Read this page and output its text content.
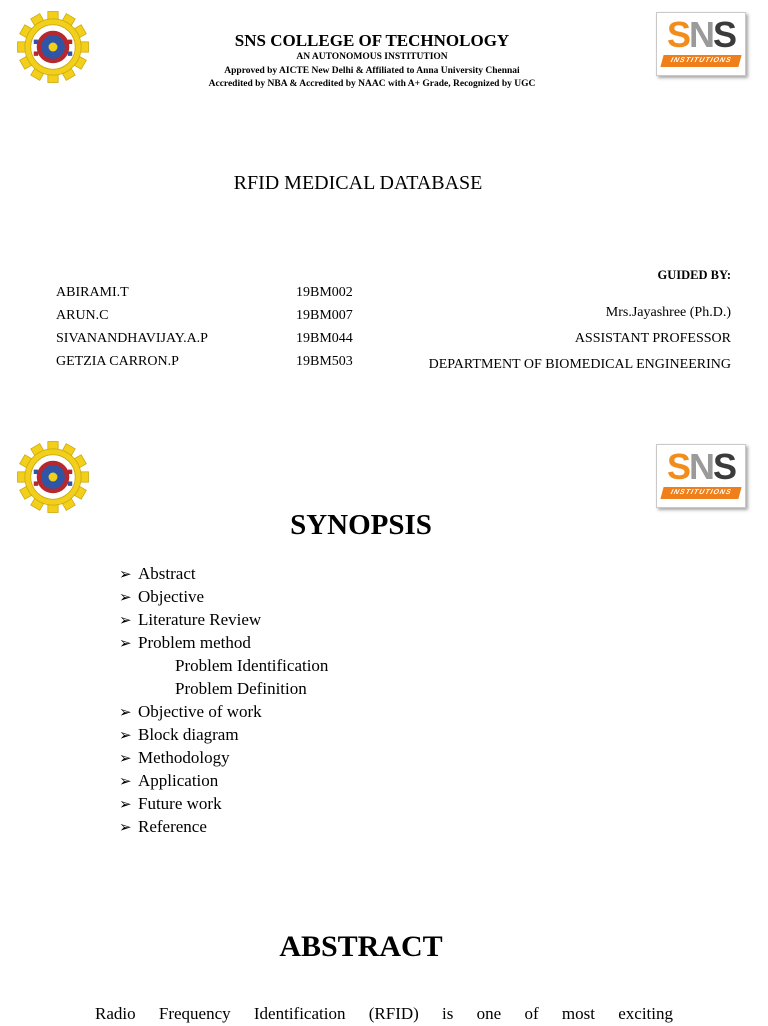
SNS
INSTITUTIONS
SNS COLLEGE OF TECHNOLOGY
AN AUTONOMOUS INSTITUTION
Approved by AICTE New Delhi & Affiliated to Anna University Chennai
Accredited by NBA & Accredited by NAAC with A+ Grade, Recognized by UGC
RFID MEDICAL DATABASE
GUIDED BY:
Mrs.Jayashree (Ph.D.)
ASSISTANT PROFESSOR
DEPARTMENT OF BIOMEDICAL ENGINEERING
ABIRAMI.T	19BM002
ARUN.C	19BM007
SIVANANDHAVIJAY.A.P	19BM044
GETZIA CARRON.P	19BM503
SNS
INSTITUTIONS
SYNOPSIS
➢ Abstract
➢ Objective
➢ Literature Review
➢ Problem method
Problem Identification
Problem Definition
➢ Objective of work
➢ Block diagram
➢ Methodology
➢ Application
➢ Future work
➢ Reference
ABSTRACT
Radio Frequency Identification (RFID) is one of most exciting
